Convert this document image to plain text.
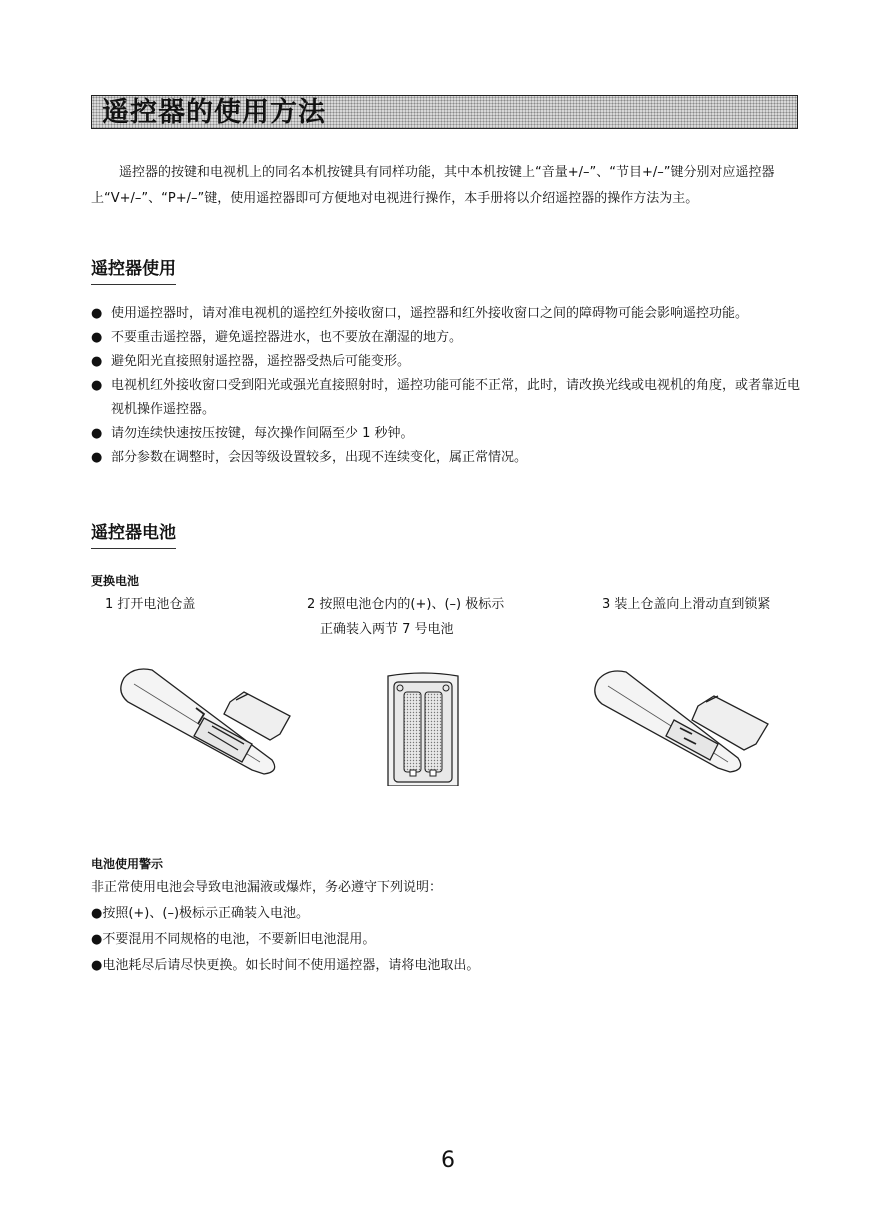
遥控器的使用方法
遥控器的按键和电视机上的同名本机按键具有同样功能，其中本机按键上“音量+/–”、“节目+/–”键分别对应遥控器上“V+/–”、“P+/–”键，使用遥控器即可方便地对电视进行操作，本手册将以介绍遥控器的操作方法为主。
遥控器使用
● 使用遥控器时，请对准电视机的遥控红外接收窗口，遥控器和红外接收窗口之间的障碍物可能会影响遥控功能。
● 不要重击遥控器，避免遥控器进水，也不要放在潮湿的地方。
● 避免阳光直接照射遥控器，遥控器受热后可能变形。
● 电视机红外接收窗口受到阳光或强光直接照射时，遥控功能可能不正常，此时，请改换光线或电视机的角度，或者靠近电视机操作遥控器。
● 请勿连续快速按压按键，每次操作间隔至少 1 秒钟。
● 部分参数在调整时，会因等级设置较多，出现不连续变化，属正常情况。
遥控器电池
更换电池
1 打开电池仓盖	2 按照电池仓内的(+)、(–) 极标示
正确装入两节 7 号电池
3 装上仓盖向上滑动直到锁紧
电池使用警示
非正常使用电池会导致电池漏液或爆炸，务必遵守下列说明：
●按照(+)、(–)极标示正确装入电池。
●不要混用不同规格的电池，不要新旧电池混用。
●电池耗尽后请尽快更换。如长时间不使用遥控器，请将电池取出。
6
